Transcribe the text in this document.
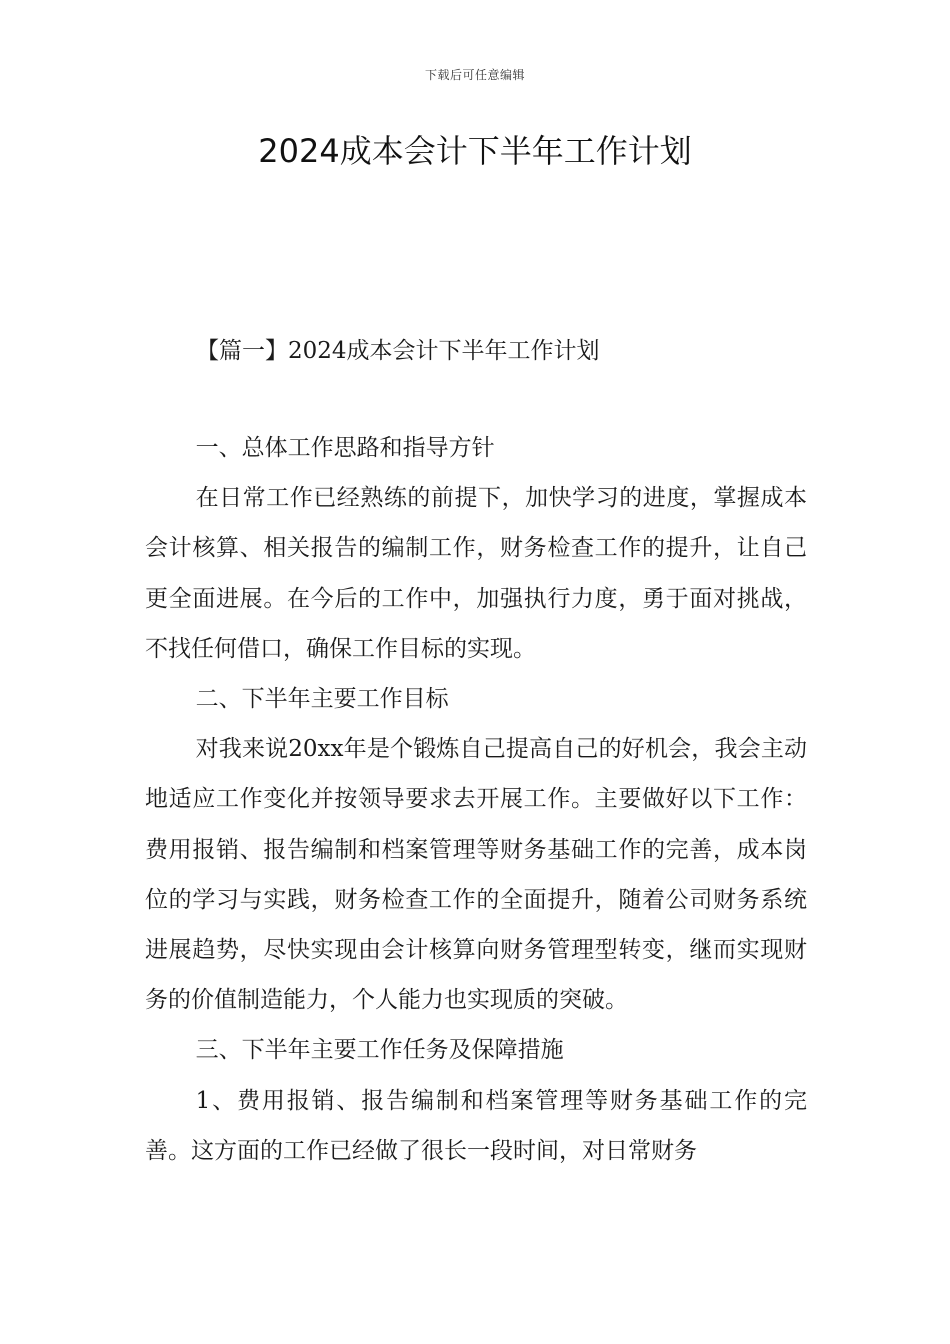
下载后可任意编辑
2024成本会计下半年工作计划
【篇一】2024成本会计下半年工作计划

一、总体工作思路和指导方针

在日常工作已经熟练的前提下，加快学习的进度，掌握成本会计核算、相关报告的编制工作，财务检查工作的提升，让自己更全面进展。在今后的工作中，加强执行力度，勇于面对挑战，不找任何借口，确保工作目标的实现。

二、下半年主要工作目标

对我来说20xx年是个锻炼自己提高自己的好机会，我会主动地适应工作变化并按领导要求去开展工作。主要做好以下工作：费用报销、报告编制和档案管理等财务基础工作的完善，成本岗位的学习与实践，财务检查工作的全面提升，随着公司财务系统进展趋势，尽快实现由会计核算向财务管理型转变，继而实现财务的价值制造能力，个人能力也实现质的突破。

三、下半年主要工作任务及保障措施

1、费用报销、报告编制和档案管理等财务基础工作的完善。这方面的工作已经做了很长一段时间，对日常财务
